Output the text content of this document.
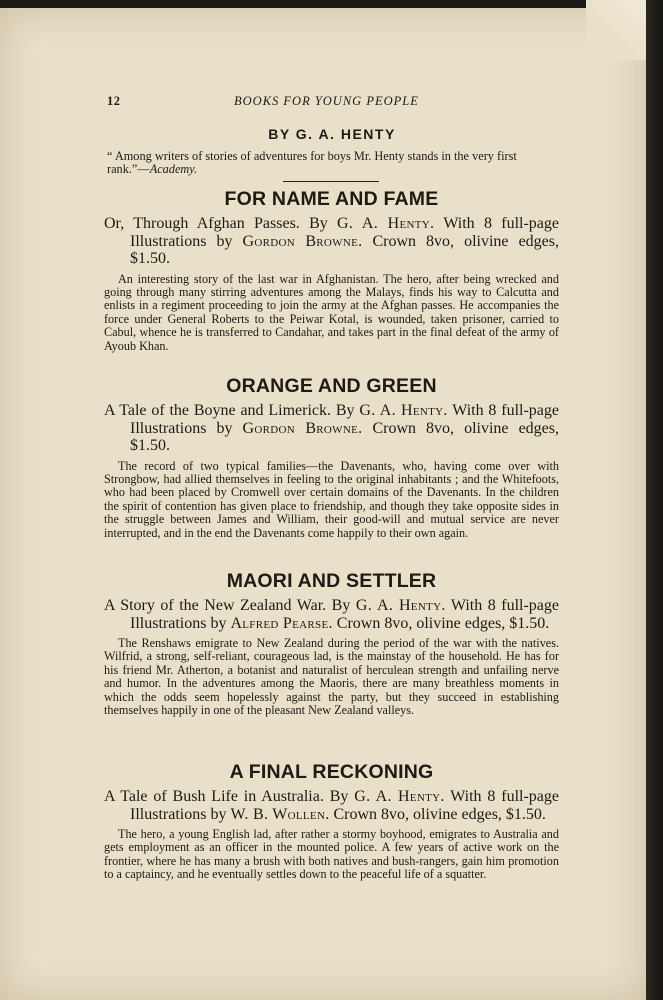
12	BOOKS FOR YOUNG PEOPLE
BY G. A. HENTY
“ Among writers of stories of adventures for boys Mr. Henty stands in the very first rank.”—Academy.
FOR NAME AND FAME

Or, Through Afghan Passes. By G. A. Henty. With 8 full-page Illustrations by Gordon Browne. Crown 8vo, olivine edges, $1.50.

An interesting story of the last war in Afghanistan. The hero, after being wrecked and going through many stirring adventures among the Malays, finds his way to Calcutta and enlists in a regiment proceeding to join the army at the Afghan passes. He accompanies the force under General Roberts to the Peiwar Kotal, is wounded, taken prisoner, carried to Cabul, whence he is transferred to Candahar, and takes part in the final defeat of the army of Ayoub Khan.

ORANGE AND GREEN

A Tale of the Boyne and Limerick. By G. A. Henty. With 8 full-page Illustrations by Gordon Browne. Crown 8vo, olivine edges, $1.50.

The record of two typical families—the Davenants, who, having come over with Strongbow, had allied themselves in feeling to the original inhabitants ; and the Whitefoots, who had been placed by Cromwell over certain domains of the Davenants. In the children the spirit of contention has given place to friendship, and though they take opposite sides in the struggle between James and William, their good-will and mutual service are never interrupted, and in the end the Davenants come happily to their own again.

MAORI AND SETTLER

A Story of the New Zealand War. By G. A. Henty. With 8 full-page Illustrations by Alfred Pearse. Crown 8vo, olivine edges, $1.50.

The Renshaws emigrate to New Zealand during the period of the war with the natives. Wilfrid, a strong, self-reliant, courageous lad, is the mainstay of the household. He has for his friend Mr. Atherton, a botanist and naturalist of herculean strength and unfailing nerve and humor. In the adventures among the Maoris, there are many breathless moments in which the odds seem hopelessly against the party, but they succeed in establishing themselves happily in one of the pleasant New Zealand valleys.

A FINAL RECKONING

A Tale of Bush Life in Australia. By G. A. Henty. With 8 full-page Illustrations by W. B. Wollen. Crown 8vo, olivine edges, $1.50.

The hero, a young English lad, after rather a stormy boyhood, emigrates to Australia and gets employment as an officer in the mounted police. A few years of active work on the frontier, where he has many a brush with both natives and bush-rangers, gain him promotion to a captaincy, and he eventually settles down to the peaceful life of a squatter.
